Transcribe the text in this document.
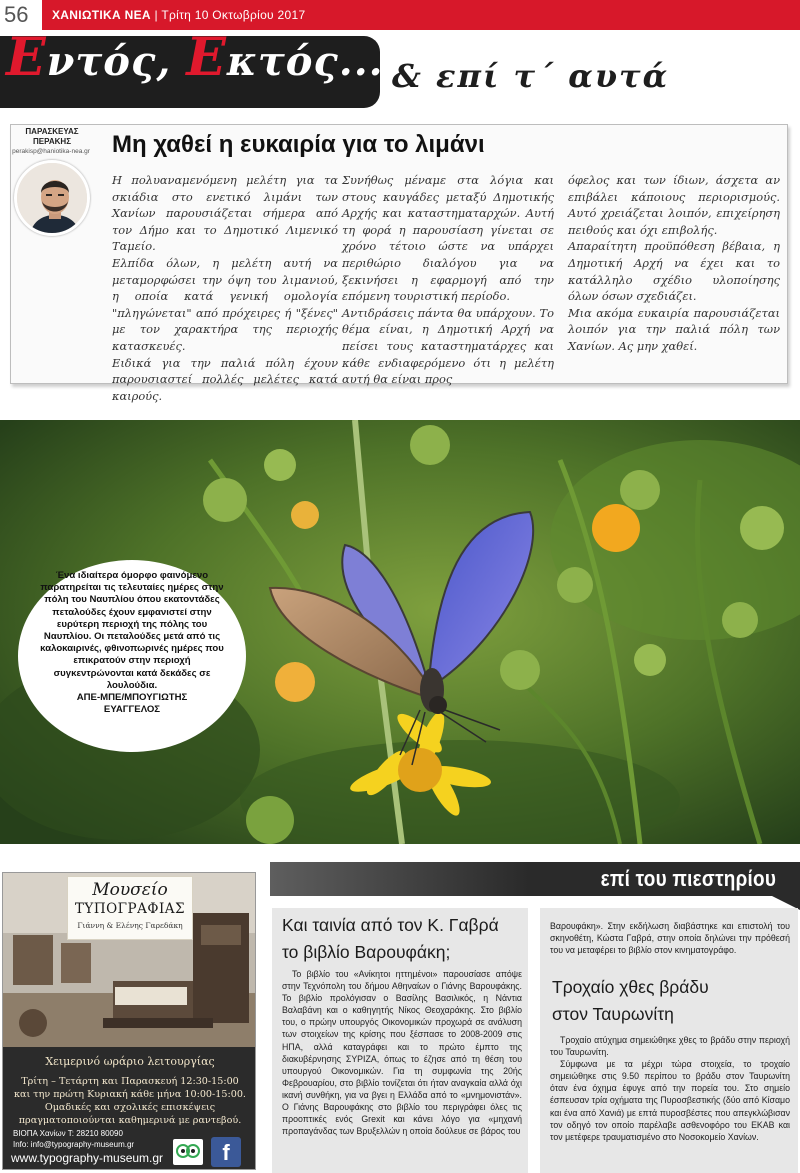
56	ΧΑΝΙΩΤΙΚΑ ΝΕΑ | Τρίτη 10 Οκτωβρίου 2017
Εντός, Εκτός... & επί τ΄ αυτά
ΠΑΡΑΣΚΕΥΑΣ ΠΕΡΑΚΗΣ
perakisp@haniotika-nea.gr Μη χαθεί η ευκαιρία για το λιμάνι

Η πολυαναμενόμενη μελέτη για τα σκιάδια στο ενετικό λιμάνι των Χανίων παρουσιάζεται σήμερα από τον Δήμο και το Δημοτικό Λιμενικό Ταμείο.

Ελπίδα όλων, η μελέτη αυτή να μεταμορφώσει την όψη του λιμανιού, η οποία κατά γενική ομολογία "πληγώνεται" από πρόχειρες ή "ξένες" με τον χαρακτήρα της περιοχής κατασκευές.

Ειδικά για την παλιά πόλη έχουν παρουσιαστεί πολλές μελέτες κατά καιρούς.

Συνήθως μέναμε στα λόγια και στους καυγάδες μεταξύ Δημοτικής Αρχής και καταστηματαρχών. Αυτή τη φορά η παρουσίαση γίνεται σε χρόνο τέτοιο ώστε να υπάρχει περιθώριο διαλόγου για να ξεκινήσει η εφαρμογή από την επόμενη τουριστική περίοδο.

Αντιδράσεις πάντα θα υπάρχουν. Το θέμα είναι, η Δημοτική Αρχή να πείσει τους καταστηματάρχες και κάθε ενδιαφερόμενο ότι η μελέτη αυτή θα είναι προς

όφελος και των ίδιων, άσχετα αν επιβάλει κάποιους περιορισμούς. Αυτό χρειάζεται λοιπόν, επιχείρηση πειθούς και όχι επιβολής.

Απαραίτητη προϋπόθεση βέβαια, η Δημοτική Αρχή να έχει και το κατάλληλο σχέδιο υλοποίησης όλων όσων σχεδιάζει.

Μια ακόμα ευκαιρία παρουσιάζεται λοιπόν για την παλιά πόλη των Χανίων. Ας μην χαθεί.

Ένα ιδιαίτερα όμορφο φαινόμενο παρατηρείται τις τελευταίες ημέρες στην πόλη του Ναυπλίου όπου εκατοντάδες πεταλούδες έχουν εμφανιστεί στην ευρύτερη περιοχή της πόλης του Ναυπλίου. Οι πεταλούδες μετά από τις καλοκαιρινές, φθινοπωρινές ημέρες που επικρατούν στην περιοχή συγκεντρώνονται κατά δεκάδες σε λουλούδια.
ΑΠΕ-ΜΠΕ/ΜΠΟΥΓΙΩΤΗΣ
ΕΥΑΓΓΕΛΟΣ
Μουσείο
ΤΥΠΟΓΡΑΦΙΑΣ
Γιάννη & Ελένης Γαρεδάκη
Χειμερινό ωράριο λειτουργίας
Τρίτη – Τετάρτη και Παρασκευή 12:30-15:00
και την πρώτη Κυριακή κάθε μήνα 10:00-15:00.
Ομαδικές και σχολικές επισκέψεις
πραγματοποιούνται καθημερινά με ραντεβού.
ΒΙΟΠΑ Χανίων Τ: 28210 80090
Info: info@typography-museum.gr
www.typography-museum.gr	f
επί του πιεστηρίου
Και ταινία από τον Κ. Γαβρά
το βιβλίο Βαρουφάκη;
Το βιβλίο του «Ανίκητοι ηττημένοι» παρουσίασε απόψε στην Τεχνόπολη του δήμου Αθηναίων ο Γιάνης Βαρουφάκης. Το βιβλίο προλόγισαν ο Βασίλης Βασιλικός, η Νάντια Βαλαβάνη και ο καθηγητής Νίκος Θεοχαράκης. Στο βιβλίο του, ο πρώην υπουργός Οικονομικών προχωρά σε ανάλυση των στοιχείων της κρίσης που ξέσπασε το 2008-2009 στις ΗΠΑ, αλλά καταγράφει και το πρώτο έμπτο της διακυβέρνησης ΣΥΡΙΖΑ, όπως το έζησε από τη θέση του υπουργού Οικονομικών. Για τη συμφωνία της 20ής Φεβρουαρίου, στο βιβλίο τονίζεται ότι ήταν αναγκαία αλλά όχι ικανή συνθήκη, για να βγει η Ελλάδα από το «μνημονιστάν». Ο Γιάνης Βαρουφάκης στο βιβλίο του περιγράφει όλες τις προοπτικές ενός Grexit και κάνει λόγο για «μηχανή προπαγάνδας των Βρυξελλών η οποία δούλευε σε βάρος του
Βαρουφάκη». Στην εκδήλωση διαβάστηκε και επιστολή του σκηνοθέτη, Κώστα Γαβρά, στην οποία δηλώνει την πρόθεσή του να μεταφέρει το βιβλίο στον κινηματογράφο.
Τροχαίο χθες βράδυ
στον Ταυρωνίτη

Τροχαίο ατύχημα σημειώθηκε χθες το βράδυ στην περιοχή του Ταυρωνίτη.

Σύμφωνα με τα μέχρι τώρα στοιχεία, το τροχαίο σημειώθηκε στις 9.50 περίπου το βράδυ στον Ταυρωνίτη όταν ένα όχημα έφυγε από την πορεία του. Στο σημείο έσπευσαν τρία οχήματα της Πυροσβεστικής (δύο από Κίσαμο και ένα από Χανιά) με επτά πυροσβέστες που απεγκλώβισαν τον οδηγό τον οποίο παρέλαβε ασθενοφόρο του ΕΚΑΒ και τον μετέφερε τραυματισμένο στο Νοσοκομείο Χανίων.
